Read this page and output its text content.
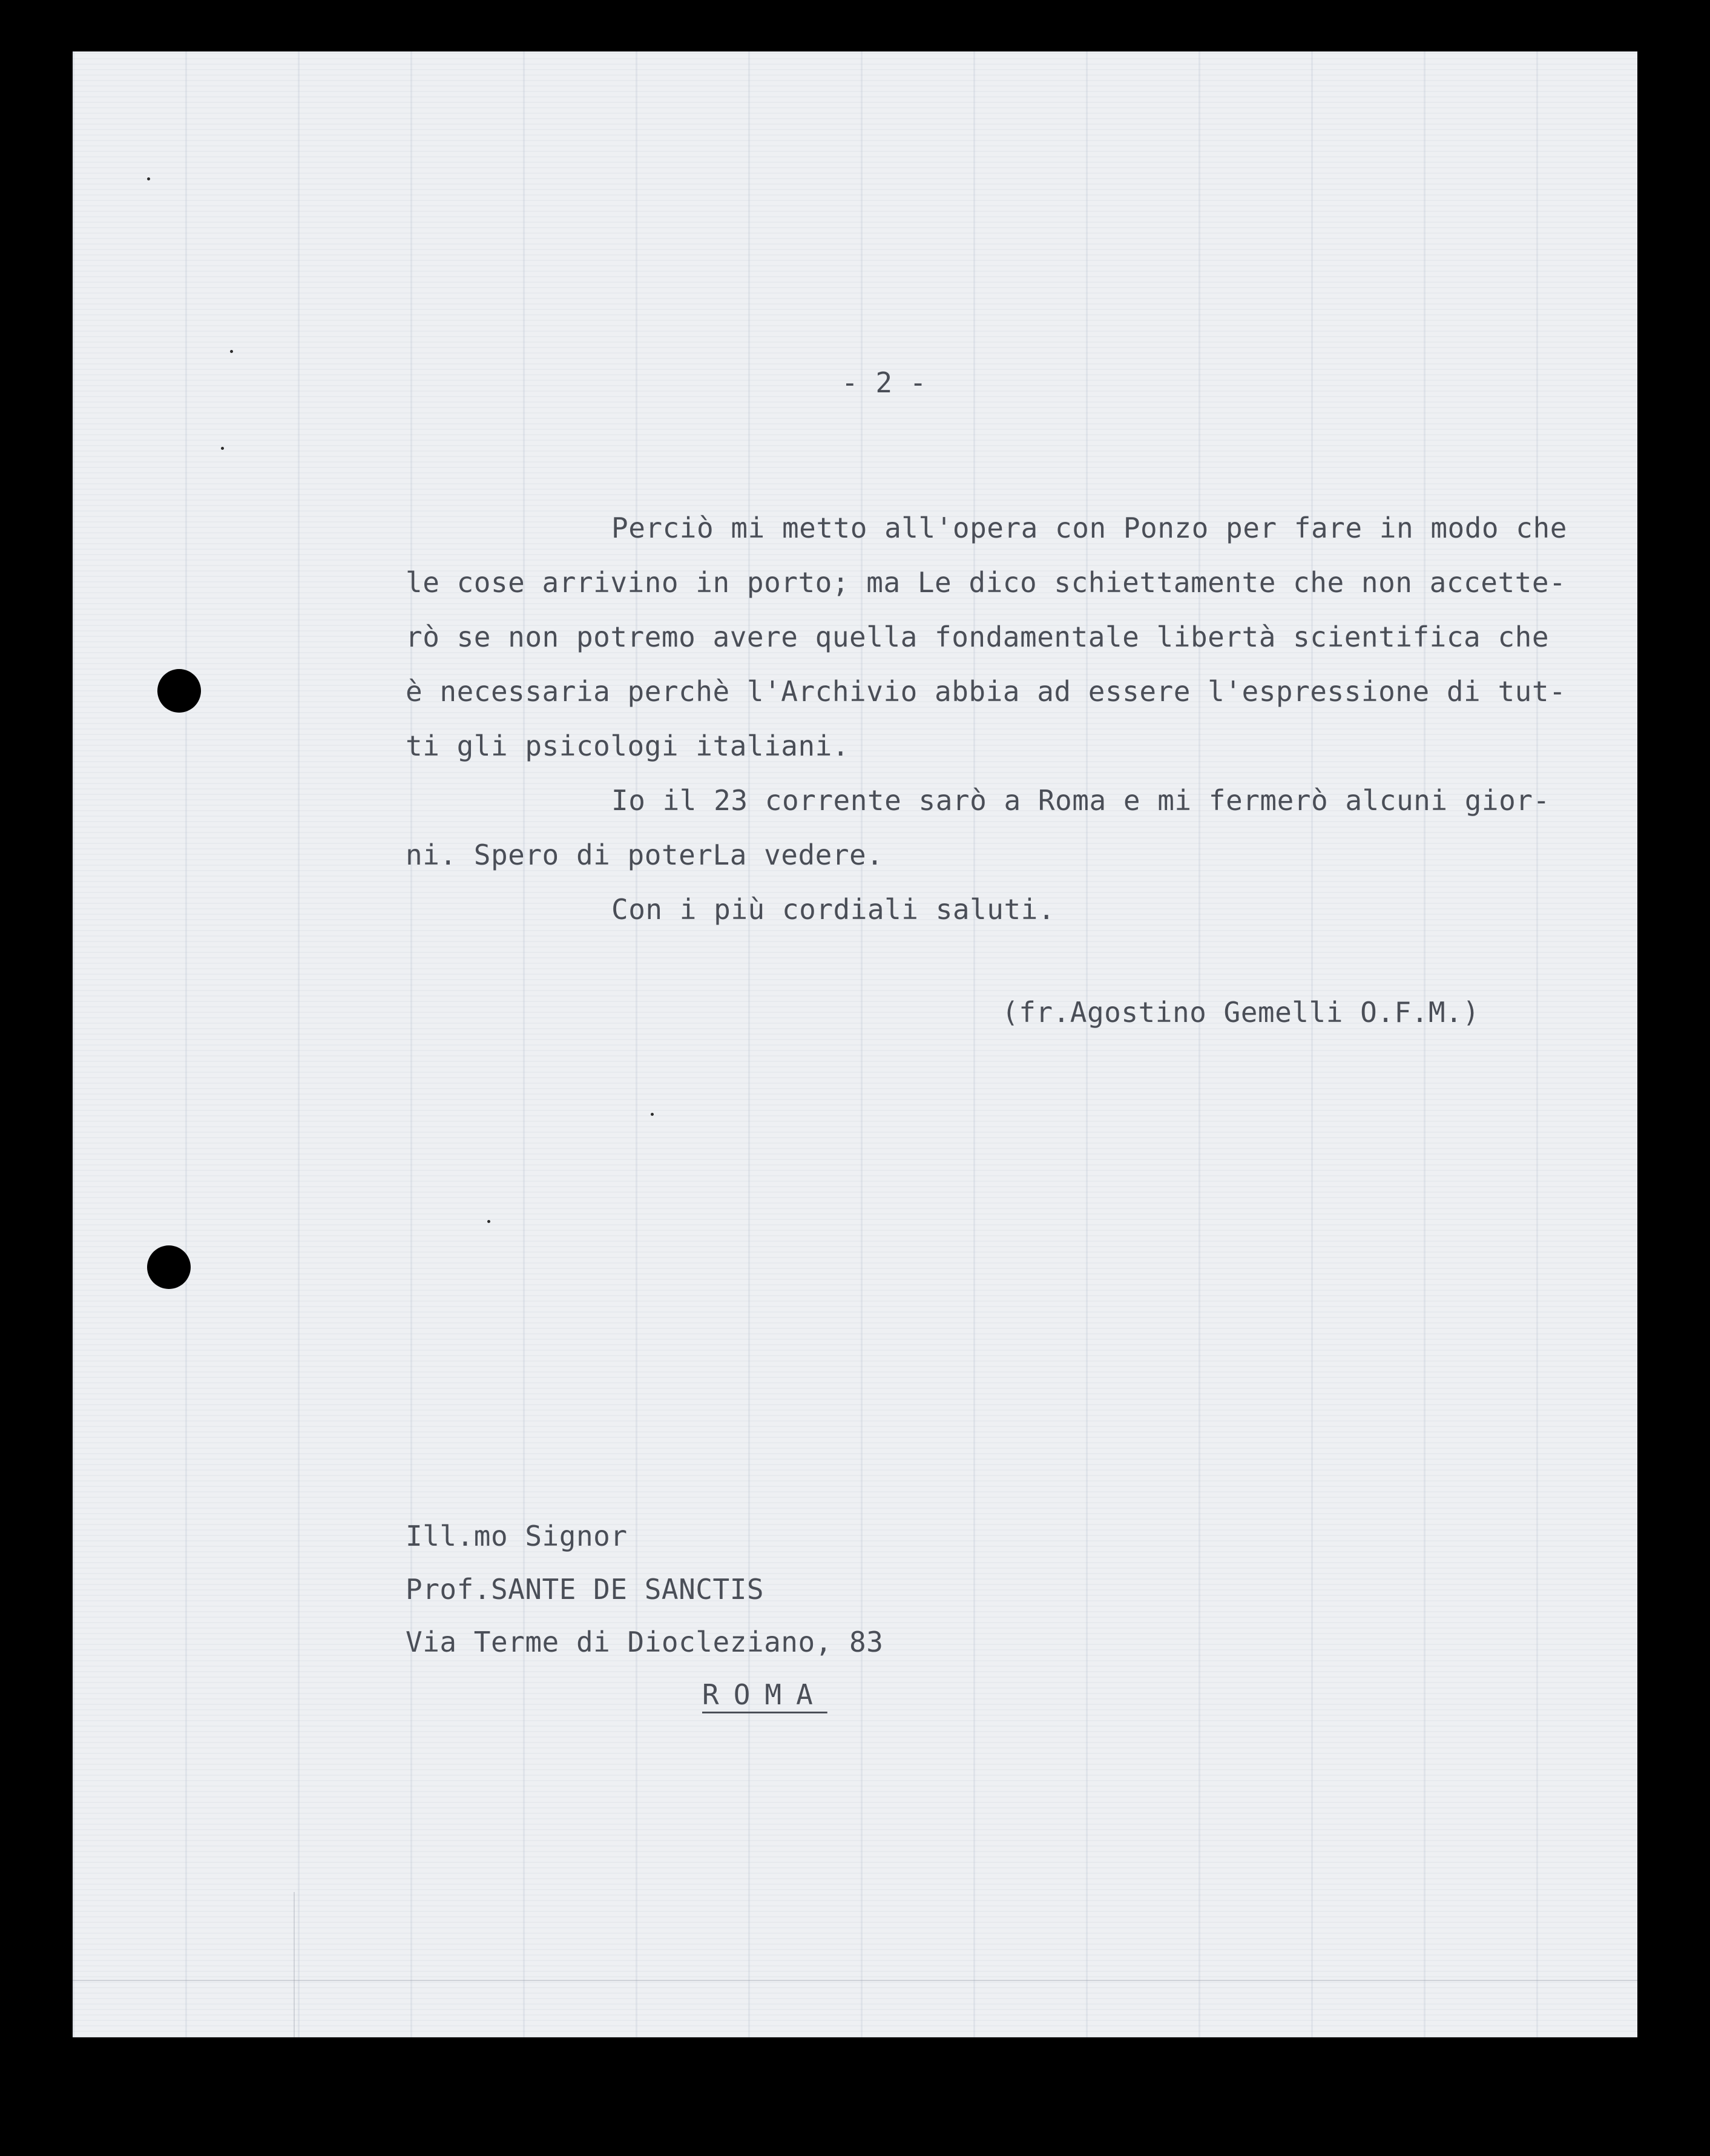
- 2 -
Perciò mi metto all'opera con Ponzo per fare in modo che
le cose arrivino in porto; ma Le dico schiettamente che non accette-
rò se non potremo avere quella fondamentale libertà scientifica che
è necessaria perchè l'Archivio abbia ad essere l'espressione di tut-
ti gli psicologi italiani.
Io il 23 corrente sarò a Roma e mi fermerò alcuni gior-
ni. Spero di poterLa vedere.
Con i più cordiali saluti.
(fr.Agostino Gemelli O.F.M.)
Ill.mo Signor
Prof.SANTE DE SANCTIS
Via Terme di Diocleziano, 83
ROMA
